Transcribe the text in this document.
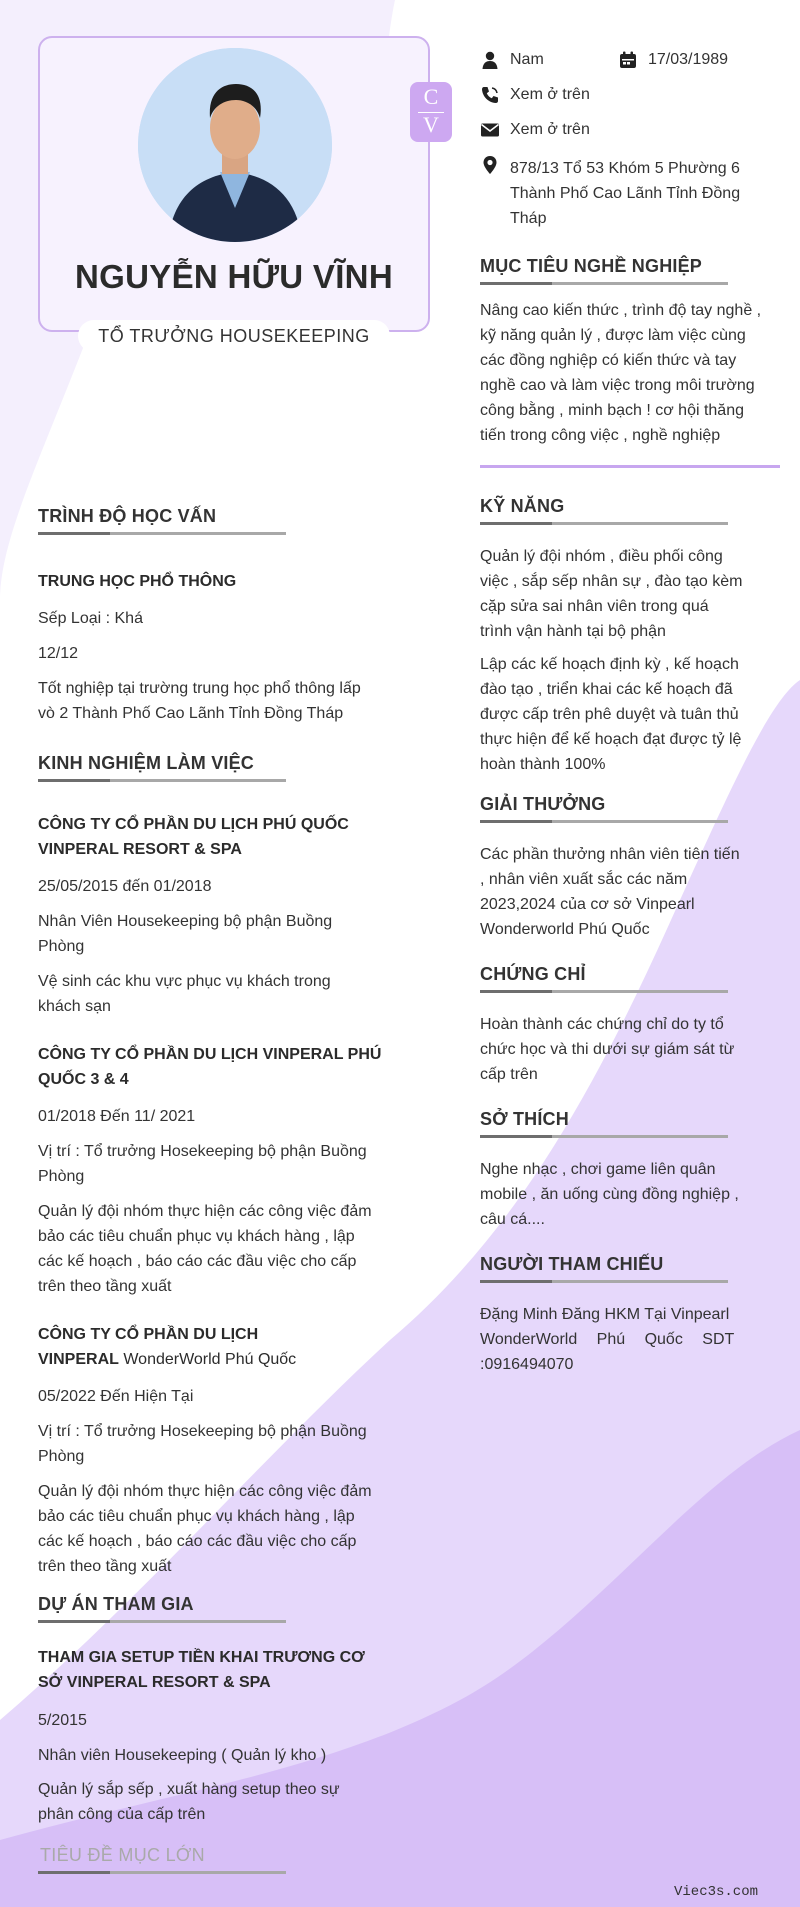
NGUYỄN HỮU VĨNH
TỔ TRƯỞNG HOUSEKEEPING
C
V
Nam	17/03/1989
Xem ở trên
Xem ở trên
878/13 Tổ 53 Khóm 5 Phường 6
Thành Phố Cao Lãnh Tỉnh Đồng
Tháp
MỤC TIÊU NGHỀ NGHIỆP
Nâng cao kiến thức , trình độ tay nghề ,
kỹ năng quản lý , được làm việc cùng
các đồng nghiệp có kiến thức và tay
nghề cao và làm việc trong môi trường
công bằng , minh bạch ! cơ hội thăng
tiến trong công việc , nghề nghiệp
KỸ NĂNG
Quản lý đội nhóm , điều phối công
việc , sắp sếp nhân sự , đào tạo kèm
cặp sửa sai nhân viên trong quá
trình vận hành tại bộ phận
Lập các kế hoạch định kỳ , kế hoạch
đào tạo , triển khai các kế hoạch đã
được cấp trên phê duyệt và tuân thủ
thực hiện để kế hoạch đạt được tỷ lệ
hoàn thành 100%
GIẢI THƯỞNG
Các phần thưởng nhân viên tiên tiến
, nhân viên xuất sắc các năm
2023,2024 của cơ sở Vinpearl
Wonderworld Phú Quốc
CHỨNG CHỈ
Hoàn thành các chứng chỉ do ty tổ
chức học và thi dưới sự giám sát từ
cấp trên
SỞ THÍCH
Nghe nhạc , chơi game liên quân
mobile , ăn uống cùng đồng nghiệp ,
câu cá....
NGƯỜI THAM CHIẾU
Đặng Minh Đăng HKM Tại Vinpearl
WonderWorld Phú Quốc SDT
:0916494070
TRÌNH ĐỘ HỌC VẤN
TRUNG HỌC PHỔ THÔNG
Sếp Loại : Khá
12/12
Tốt nghiệp tại trường trung học phổ thông lấp
vò 2 Thành Phố Cao Lãnh Tỉnh Đồng Tháp
KINH NGHIỆM LÀM VIỆC
CÔNG TY CỔ PHẦN DU LỊCH PHÚ QUỐC
VINPERAL RESORT & SPA
25/05/2015 đến 01/2018
Nhân Viên Housekeeping bộ phận Buồng
Phòng
Vệ sinh các khu vực phục vụ khách trong
khách sạn
CÔNG TY CỔ PHẦN DU LỊCH VINPERAL PHÚ
QUỐC 3 & 4
01/2018 Đến 11/ 2021
Vị trí : Tổ trưởng Hosekeeping bộ phận Buồng
Phòng
Quản lý đội nhóm thực hiện các công việc đảm
bảo các tiêu chuẩn phục vụ khách hàng , lập
các kế hoạch , báo cáo các đầu việc cho cấp
trên theo tầng xuất
CÔNG TY CỔ PHẦN DU LỊCH
VINPERAL WonderWorld Phú Quốc
05/2022 Đến Hiện Tại
Vị trí : Tổ trưởng Hosekeeping bộ phận Buồng
Phòng
Quản lý đội nhóm thực hiện các công việc đảm
bảo các tiêu chuẩn phục vụ khách hàng , lập
các kế hoạch , báo cáo các đầu việc cho cấp
trên theo tầng xuất
DỰ ÁN THAM GIA
THAM GIA SETUP TIỀN KHAI TRƯƠNG CƠ
SỞ VINPERAL RESORT & SPA
5/2015
Nhân viên Housekeeping ( Quản lý kho )
Quản lý sắp sếp , xuất hàng setup theo sự
phân công của cấp trên
TIÊU ĐỀ MỤC LỚN
Viec3s.com
